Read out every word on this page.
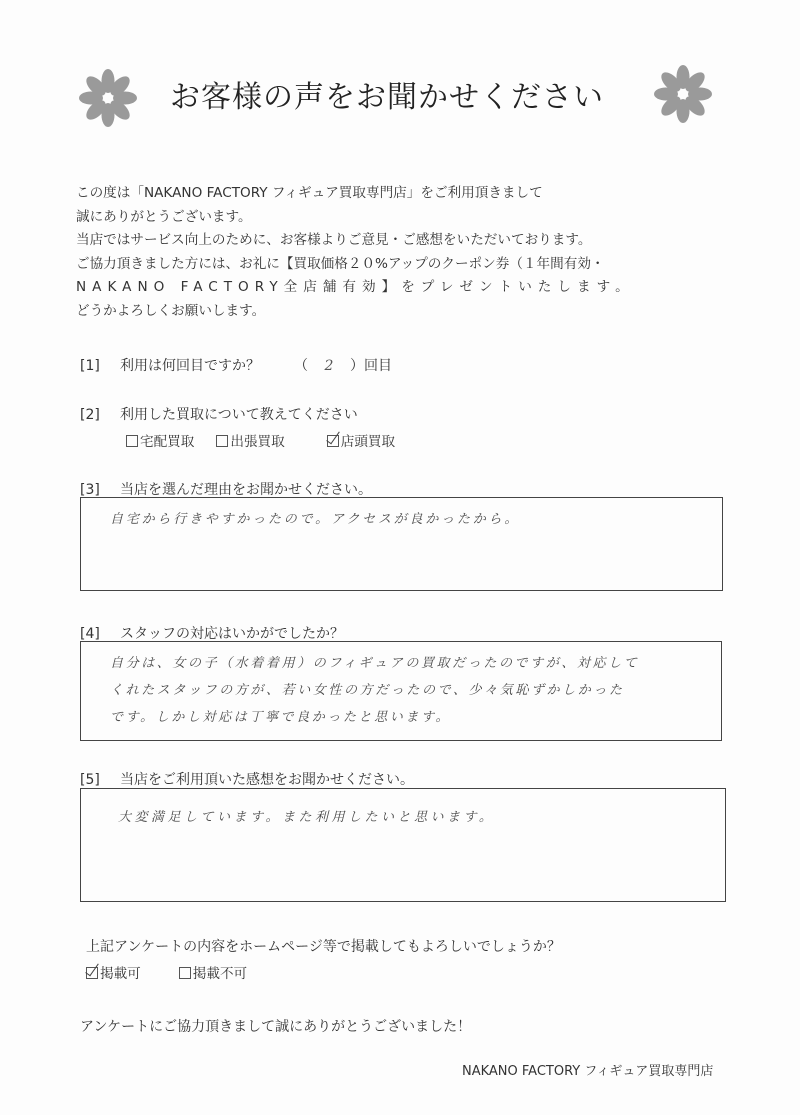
お客様の声をお聞かせください
この度は「NAKANO FACTORY フィギュア買取専門店」をご利用頂きまして
誠にありがとうございます。
当店ではサービス向上のために、お客様よりご意見・ご感想をいただいております。
ご協力頂きました方には、お礼に【買取価格２０%アップのクーポン券（１年間有効・
NAKANO FACTORY全店舗有効】をプレゼントいたします。
どうかよろしくお願いします。
[1] 利用は何回目ですか？ （ 2 ）回目
[2] 利用した買取について教えてください
宅配買取	出張買取	店頭買取
[3] 当店を選んだ理由をお聞かせください。
自宅から行きやすかったので。アクセスが良かったから。
[4] スタッフの対応はいかがでしたか？
自分は、女の子（水着着用）のフィギュアの買取だったのですが、対応して
くれたスタッフの方が、若い女性の方だったので、少々気恥ずかしかった
です。しかし対応は丁寧で良かったと思います。
[5] 当店をご利用頂いた感想をお聞かせください。
大変満足しています。また利用したいと思います。
上記アンケートの内容をホームページ等で掲載してもよろしいでしょうか？
掲載可	掲載不可
アンケートにご協力頂きまして誠にありがとうございました！
NAKANO FACTORY フィギュア買取専門店
